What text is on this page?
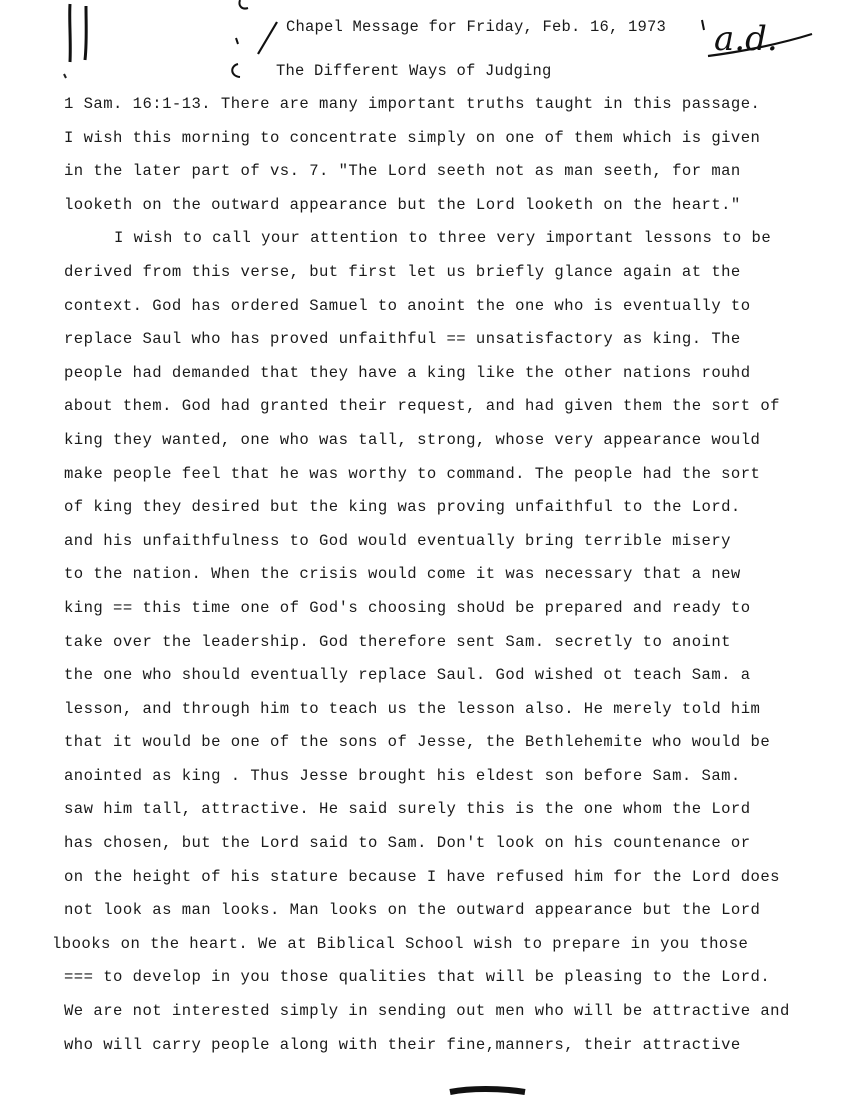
a.d.
Chapel Message for Friday, Feb. 16, 1973
The Different Ways of Judging
1 Sam. 16:1-13. There are many important truths taught in this passage.
I wish this morning to concentrate simply on one of them which is given
in the later part of vs. 7. "The Lord seeth not as man seeth, for man
looketh on the outward appearance but the Lord looketh on the heart."
I wish to call your attention to three very important lessons to be
derived from this verse, but first let us briefly glance again at the
context. God has ordered Samuel to anoint the one who is eventually to
replace Saul who has proved unfaithful == unsatisfactory as king. The
people had demanded that they have a king like the other nations rouhd
about them. God had granted their request, and had given them the sort of
king they wanted, one who was tall, strong, whose very appearance would
make people feel that he was worthy to command. The people had the sort
of king they desired but the king was proving unfaithful to the Lord.
and his unfaithfulness to God would eventually bring terrible misery
to the nation. When the crisis would come it was necessary that a new
king == this time one of God's choosing shoUd be prepared and ready to
take over the leadership. God therefore sent Sam. secretly to anoint
the one who should eventually replace Saul. God wished ot teach Sam. a
lesson, and through him to teach us the lesson also. He merely told him
that it would be one of the sons of Jesse, the Bethlehemite who would be
anointed as king . Thus Jesse brought his eldest son before Sam. Sam.
saw him tall, attractive. He said surely this is the one whom the Lord
has chosen, but the Lord said to Sam. Don't look on his countenance or
on the height of his stature because I have refused him for the Lord does
not look as man looks. Man looks on the outward appearance but the Lord
lbooks on the heart. We at Biblical School wish to prepare in you those
=== to develop in you those qualities that will be pleasing to the Lord.
We are not interested simply in sending out men who will be attractive and
who will carry people along with their fine,manners, their attractive
